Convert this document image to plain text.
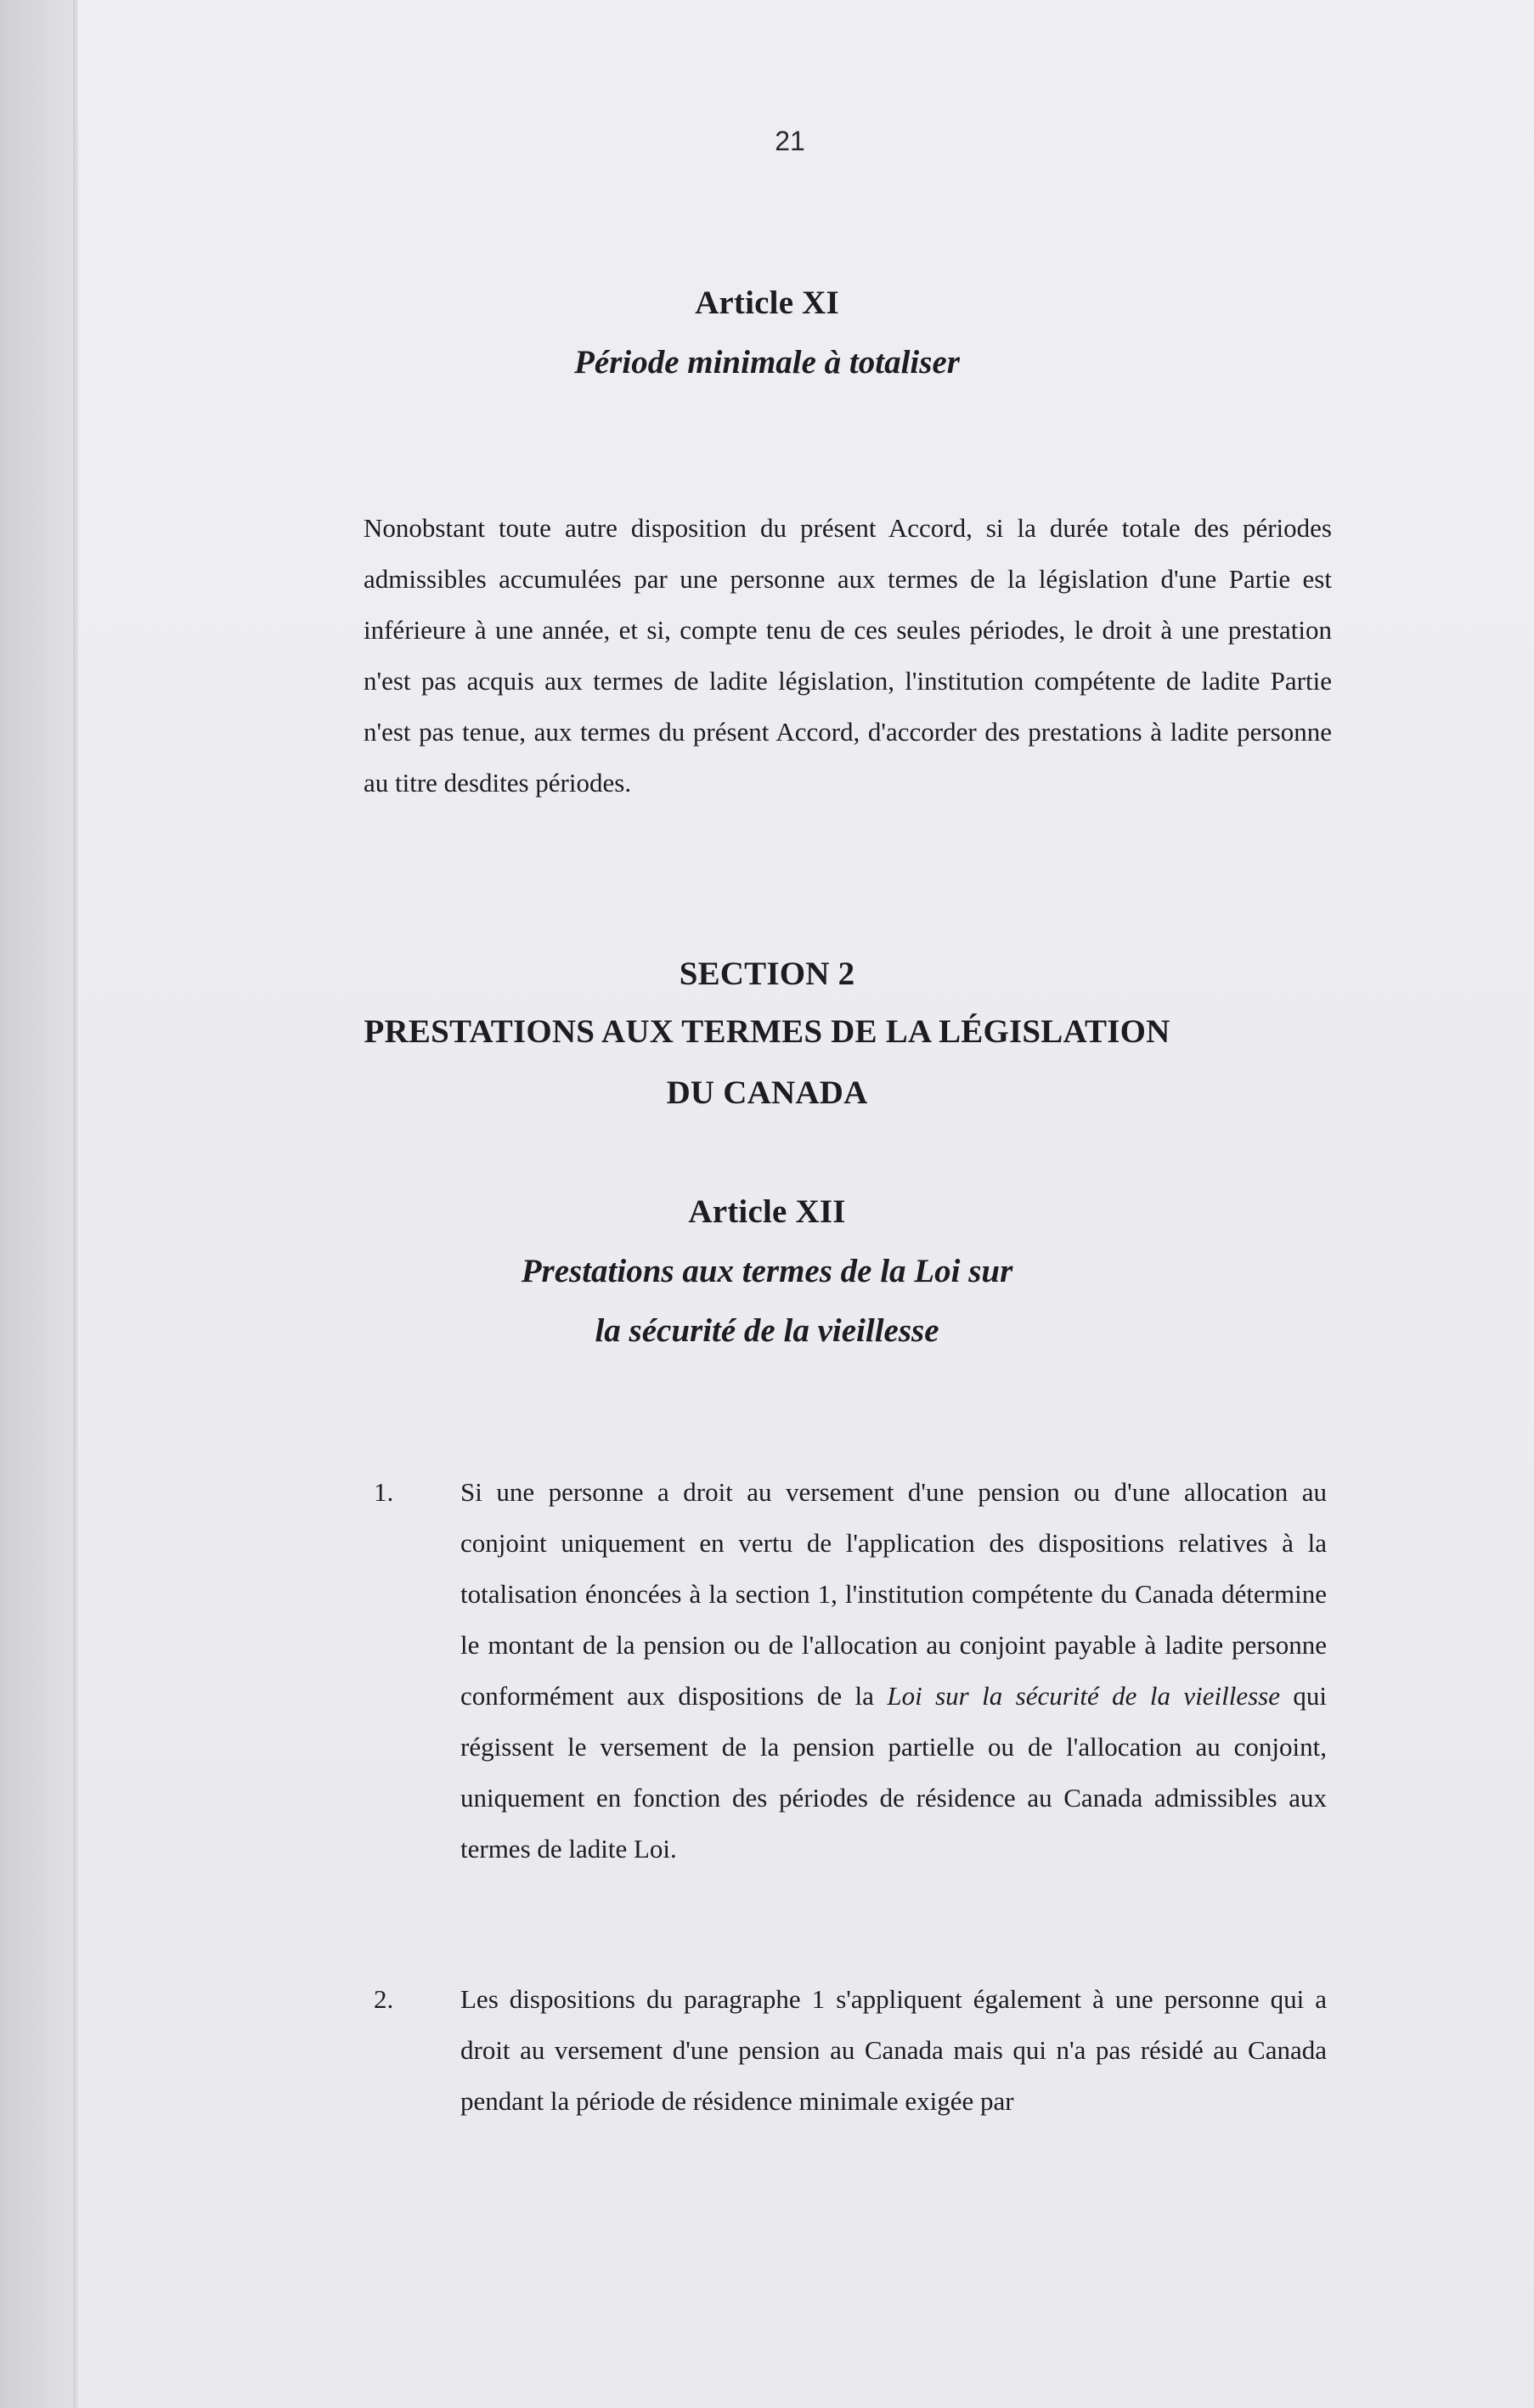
21
Article XI
Période minimale à totaliser

Nonobstant toute autre disposition du présent Accord, si la durée totale des périodes admissibles accumulées par une personne aux termes de la législation d'une Partie est inférieure à une année, et si, compte tenu de ces seules périodes, le droit à une prestation n'est pas acquis aux termes de ladite législation, l'institution compétente de ladite Partie n'est pas tenue, aux termes du présent Accord, d'accorder des prestations à ladite personne au titre desdites périodes.

SECTION 2
PRESTATIONS AUX TERMES DE LA LÉGISLATION
DU CANADA
Article XII
Prestations aux termes de la Loi sur
la sécurité de la vieillesse
1.	Si une personne a droit au versement d'une pension ou d'une allocation au conjoint uniquement en vertu de l'application des dispositions relatives à la totalisation énoncées à la section 1, l'institution compétente du Canada détermine le montant de la pension ou de l'allocation au conjoint payable à ladite personne conformément aux dispositions de la Loi sur la sécurité de la vieillesse qui régissent le versement de la pension partielle ou de l'allocation au conjoint, uniquement en fonction des périodes de résidence au Canada admissibles aux termes de ladite Loi.

2.	Les dispositions du paragraphe 1 s'appliquent également à une personne qui a droit au versement d'une pension au Canada mais qui n'a pas résidé au Canada pendant la période de résidence minimale exigée par
